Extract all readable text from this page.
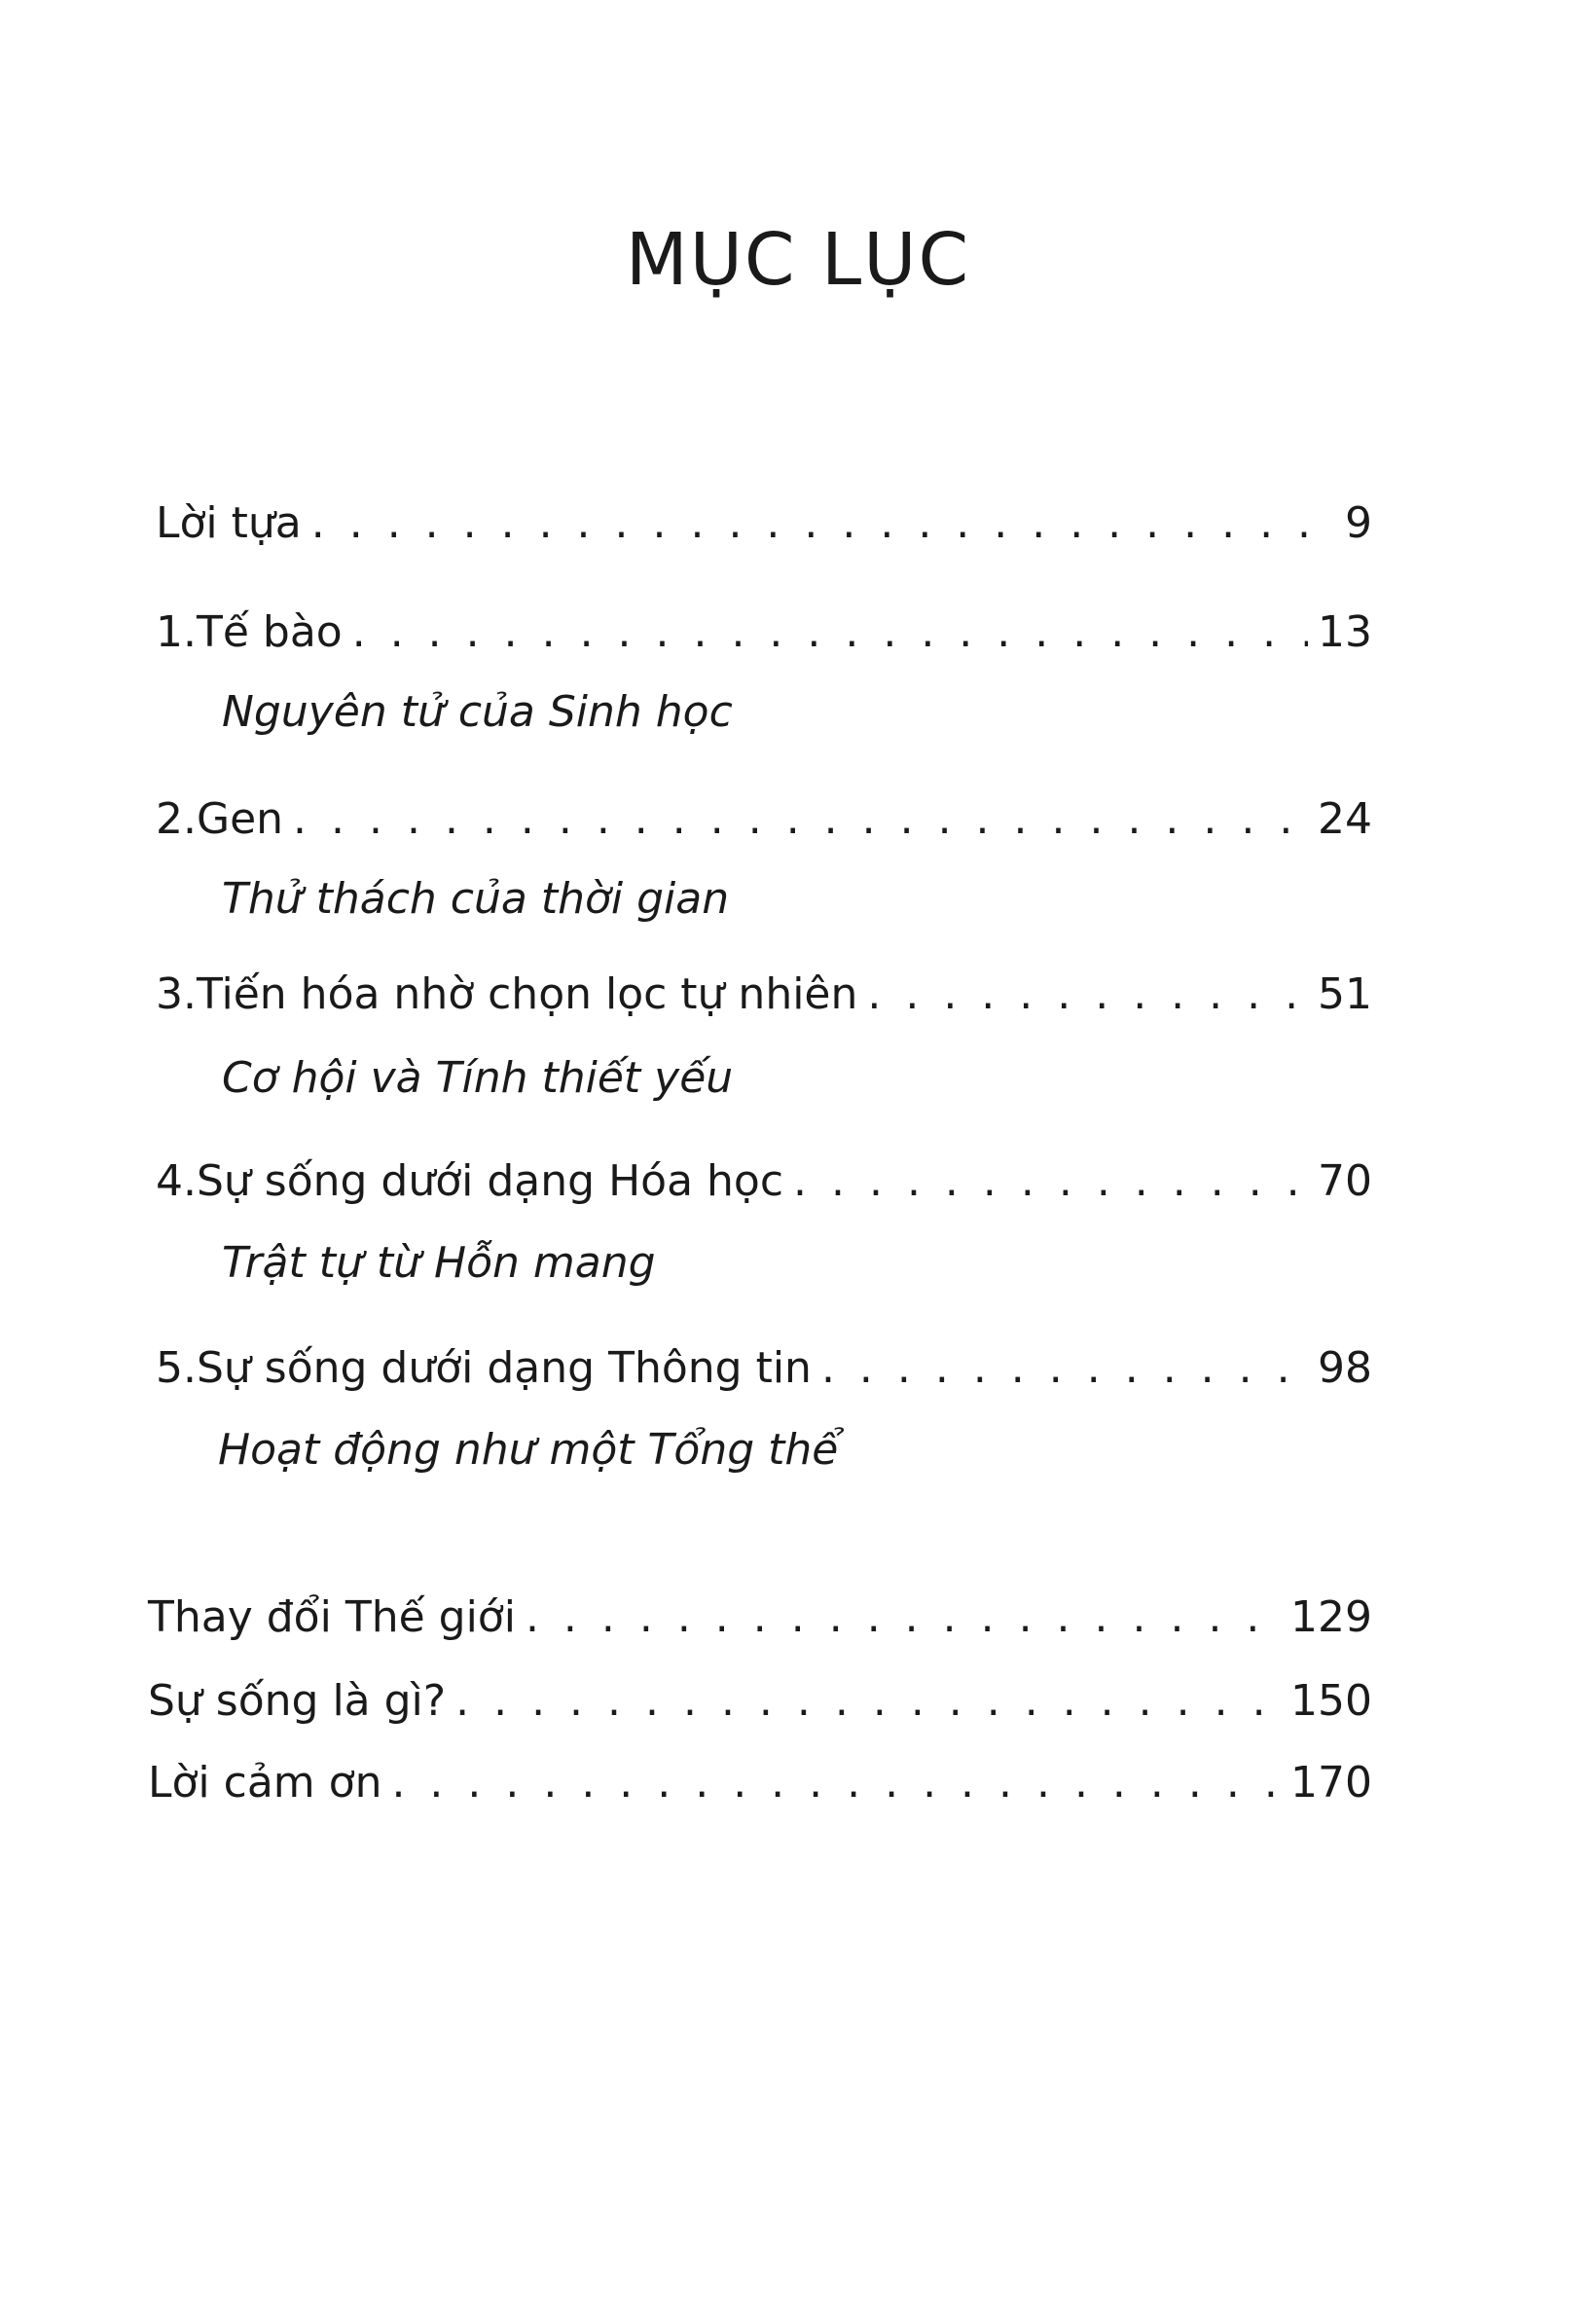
MỤC LỤC
Lời tựa . . .	9
1. Tế bào . . .	13
Nguyên tử của Sinh học
2. Gen . . .	24
Thử thách của thời gian
3. Tiến hóa nhờ chọn lọc tự nhiên . . .	51
Cơ hội và Tính thiết yếu
4. Sự sống dưới dạng Hóa học . . .	70
Trật tự từ Hỗn mang
5. Sự sống dưới dạng Thông tin . . .	98
Hoạt động như một Tổng thể
Thay đổi Thế giới . . .	129
Sự sống là gì? . . .	150
Lời cảm ơn . . .	170
